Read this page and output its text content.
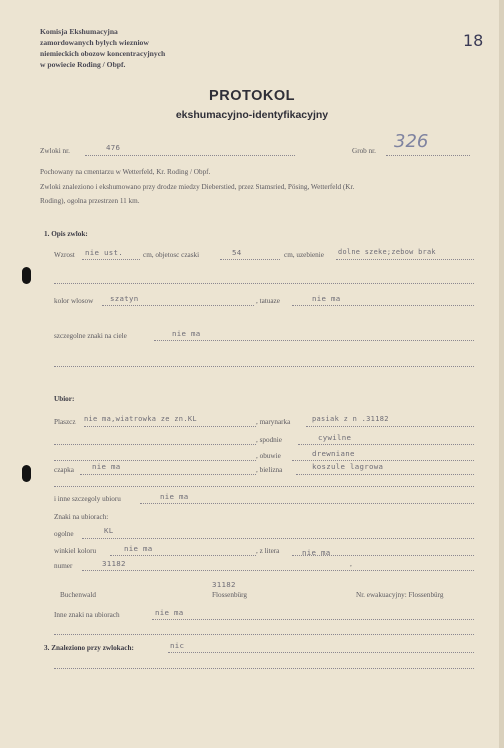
Komisja Ekshumacyjna
zamordowanych bylych wiezniow
niemieckich obozow koncentracyjnych
w powiecie Roding / Obpf.
18
PROTOKOL
ekshumacyjno-identyfikacyjny
Zwloki nr.	476	Grob nr. 326
Pochowany na cmentarzu w Wetterfeld, Kr. Roding / Obpf.
Zwloki znaleziono i ekshumowano przy drodze miedzy Dieberstied, przez Stamsried, Pösing, Wetterfeld (Kr.
Roding), ogolna przestrzen 11 km.
1. Opis zwlok:
Wzrost nie ust.	cm, objetosc czaski	54	cm, uzebienie dolne szeke;zebow brak
kolor wlosow szatyn	, tatuaze	nie ma
szczegolne znaki na ciele	nie ma
Ubior:
Plaszcz nie ma,wiatrowka ze zn.KL	, marynarka	pasiak z n .31182
, spodnie	cywilne
, obuwie	drewniane
czapka nie ma	, bielizna	koszule lagrowa
i inne szczegoly ubioru	nie ma
Znaki na ubiorach:
ogolne	KL
winkiel koloru	nie ma	, z litera	nie ma
numer	31182	,
31182
Buchenwald	Flossenbürg	Nr. ewakuacyjny: Flossenbürg
Inne znaki na ubiorach	nie ma
3. Znaleziono przy zwlokach:	nic
